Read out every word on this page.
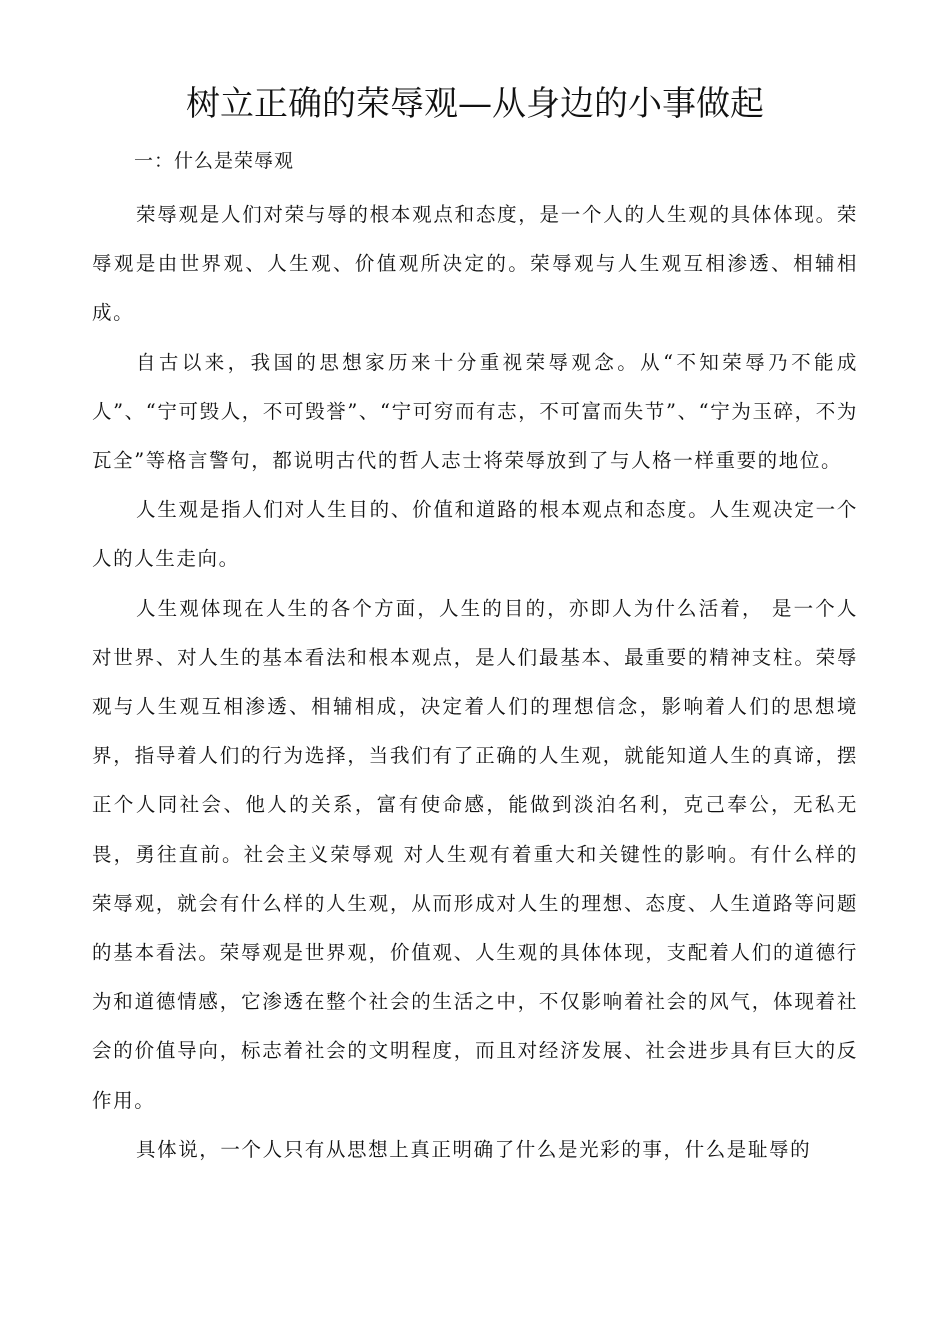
树立正确的荣辱观—从身边的小事做起

一：什么是荣辱观

荣辱观是人们对荣与辱的根本观点和态度，是一个人的人生观的具体体现。荣辱观是由世界观、人生观、价值观所决定的。荣辱观与人生观互相渗透、相辅相成。

自古以来，我国的思想家历来十分重视荣辱观念。从“不知荣辱乃不能成人”、“宁可毁人，不可毁誉”、“宁可穷而有志，不可富而失节”、“宁为玉碎，不为瓦全”等格言警句，都说明古代的哲人志士将荣辱放到了与人格一样重要的地位。

人生观是指人们对人生目的、价值和道路的根本观点和态度。人生观决定一个人的人生走向。

人生观体现在人生的各个方面，人生的目的，亦即人为什么活着， 是一个人对世界、对人生的基本看法和根本观点，是人们最基本、最重要的精神支柱。荣辱观与人生观互相渗透、相辅相成，决定着人们的理想信念，影响着人们的思想境界，指导着人们的行为选择，当我们有了正确的人生观，就能知道人生的真谛，摆正个人同社会、他人的关系，富有使命感，能做到淡泊名利，克己奉公，无私无畏，勇往直前。社会主义荣辱观 对人生观有着重大和关键性的影响。有什么样的荣辱观，就会有什么样的人生观，从而形成对人生的理想、态度、人生道路等问题的基本看法。荣辱观是世界观，价值观、人生观的具体体现，支配着人们的道德行为和道德情感，它渗透在整个社会的生活之中，不仅影响着社会的风气，体现着社会的价值导向，标志着社会的文明程度，而且对经济发展、社会进步具有巨大的反作用。

具体说，一个人只有从思想上真正明确了什么是光彩的事，什么是耻辱的
